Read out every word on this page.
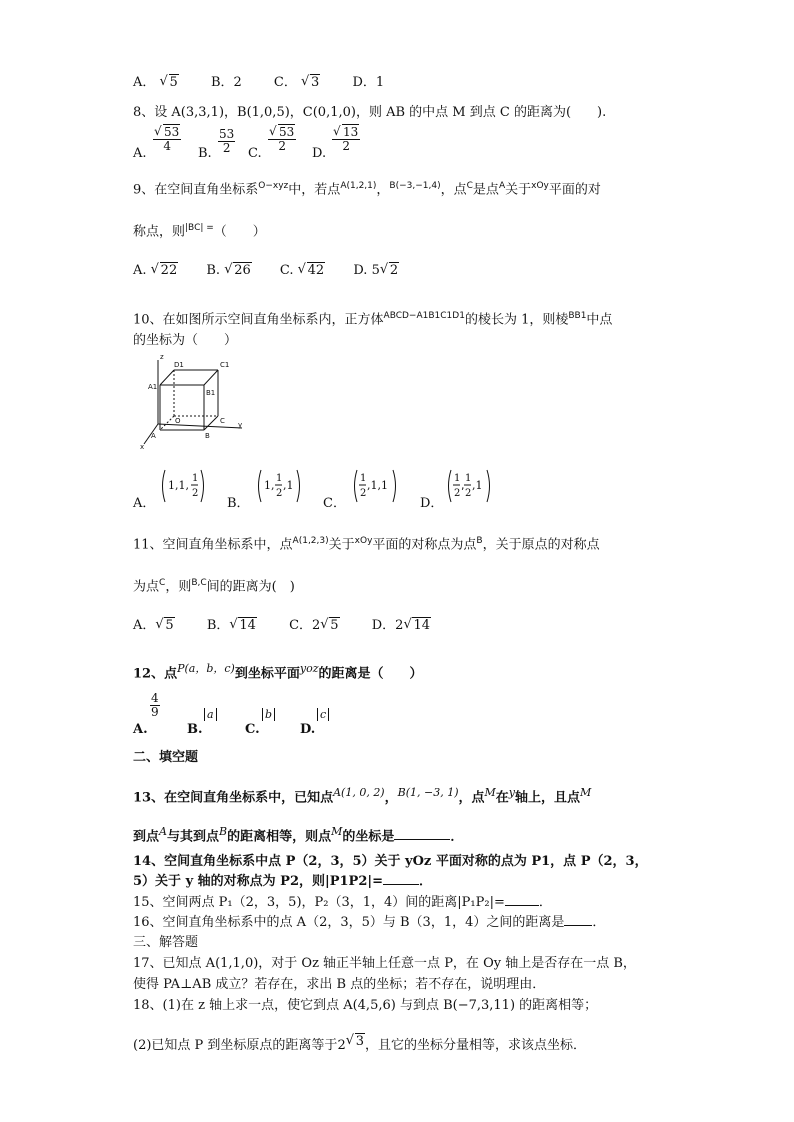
A． √ 5	B．2 C． √ 3	D．1
8、设 A(3,3,1)，B(1,0,5)，C(0,1,0)，则 AB 的中点 M 到点 C 的距离为(　　).
A.
√ $\frac{53}{4}$
B. $\frac{53}{2} C$.
√ $\frac{53}{2}$
D.
√ $\frac{13}{2}$
9、在空间直角坐标系$^{O-xyz}$中，若点$^{A(1,2,1)}$，$^{B(-3,-1,4)}$，点$^C$是点$^A$关于$^{xOy}$平面的对
称点，则$^{|BC| =}$（　　）
A. √ 22 B. √ 26 C. √ 42 D. 5 √ 2
10、在如图所示空间直角坐标系内，正方体$^{ABCD-A1B1C1D1}$的棱长为 1，则棱$^{BB1}$中点
的坐标为（　　）
z
D1	C1
A1
B1
O	C
A	B
x
y
A．
1,1,
1
2
B．
1,
1
2
,1
C．
1
2
,1,1
D．
1
2
,
1
2
,1
11、空间直角坐标系中，点$^{A(1,2,3)}$关于$^{xOy}$平面的对称点为点$^B$，关于原点的对称点
为点$^C$，则$^{B,C}$间的距离为(　)
A． √ 5	B． √ 14	C．2 √ 5	D．2 √ 14
12、点$^{P(a,b,c)}$到坐标平面$^{yoz}$的距离是（　　）
A.
$\frac{4}{9}$
B.
a
C.
b
D.
c
二、填空题
13、在空间直角坐标系中，已知点$^{A(1, 0, 2)}$，$^{B(1, -3, 1)}$，点$^M$在$^y$轴上，且点$^M$
到点$^A$与其到点$^B$的距离相等，则点$^M$的坐标是	．
14、空间直角坐标系中点 P（2，3，5）关于 yOz 平面对称的点为 P1，点 P（2，3，
5）关于 y 轴的对称点为 P2，则|P1P2|=	．
15、空间两点 P₁（2，3，5)，P₂（3，1，4）间的距离|P₁P₂|=	．
16、空间直角坐标系中的点 A（2，3，5）与 B（3，1，4）之间的距离是 ．
三、解答题
17、已知点 A(1,1,0)，对于 Oz 轴正半轴上任意一点 P，在 Oy 轴上是否存在一点 B，
使得 PA⊥AB 成立？若存在，求出 B 点的坐标；若不存在，说明理由．
18、(1)在 z 轴上求一点，使它到点 A(4,5,6) 与到点 B(−7,3,11) 的距离相等；
(2)已知点 P 到坐标原点的距离等于2 √ 3，且它的坐标分量相等，求该点坐标．
